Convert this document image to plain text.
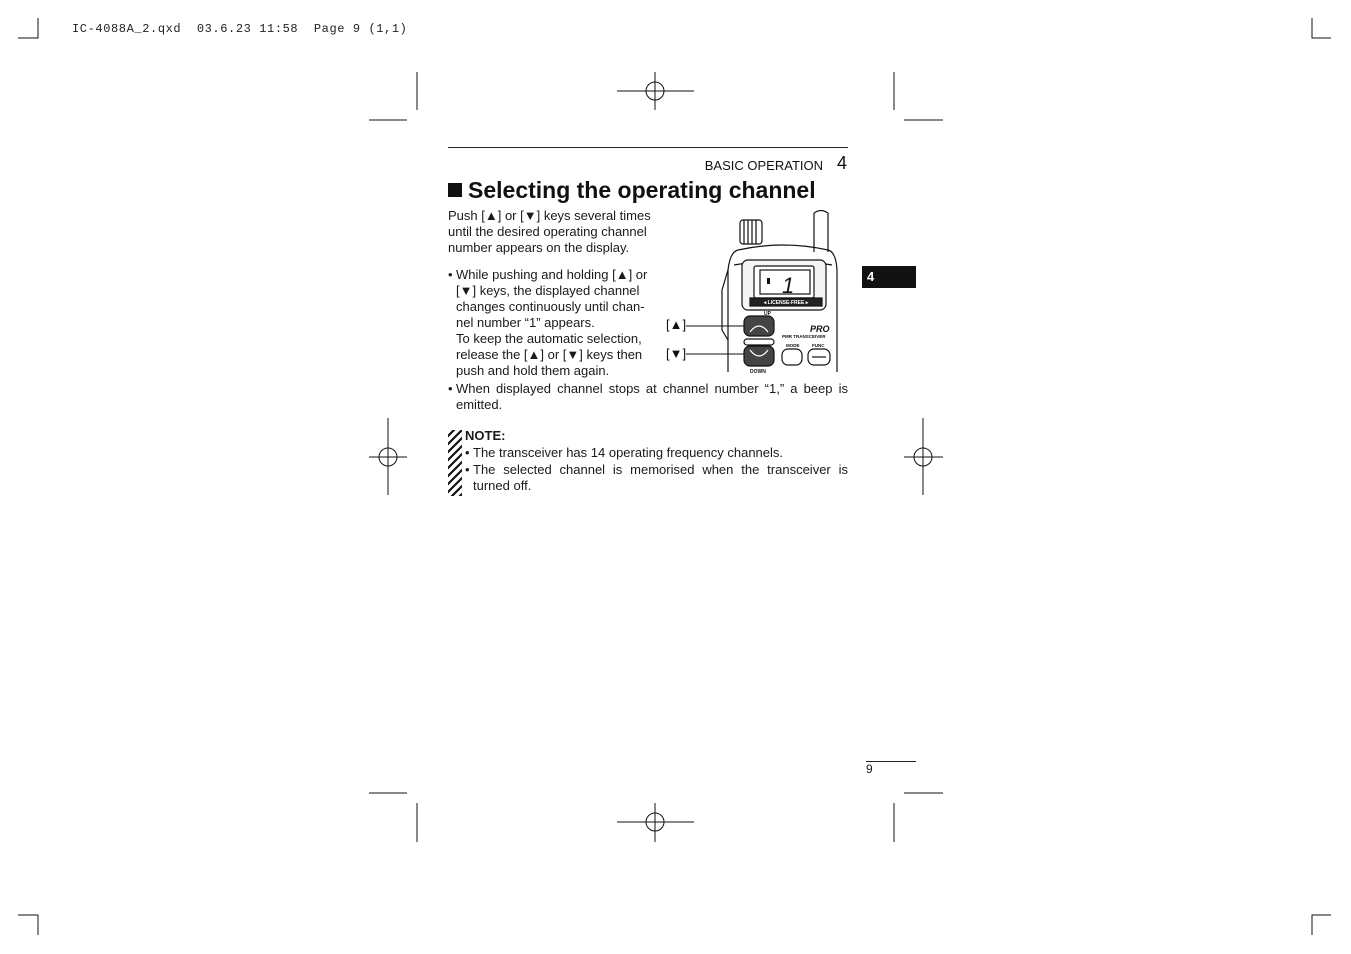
IC-4088A_2.qxd  03.6.23 11:58  Page 9 (1,1)
BASIC OPERATION 4
Selecting the operating channel
Push [▲] or [▼] keys several times until the desired operating channel number appears on the display.
• While pushing and holding [▲] or
[▼] keys, the displayed channel
changes continuously until chan-
nel number “1” appears.
To keep the automatic selection,
release the [▲] or [▼] keys then
push and hold them again.
• When displayed channel stops at channel number “1,” a beep is emitted.
1
◂ LICENSE-FREE ▸
UP
PRO
PMR TRANSCEIVER
MODE	FUNC
DOWN
[▲]
[▼]
NOTE:
• The transceiver has 14 operating frequency channels.
• The selected channel is memorised when the transceiver is turned off.
4
9
